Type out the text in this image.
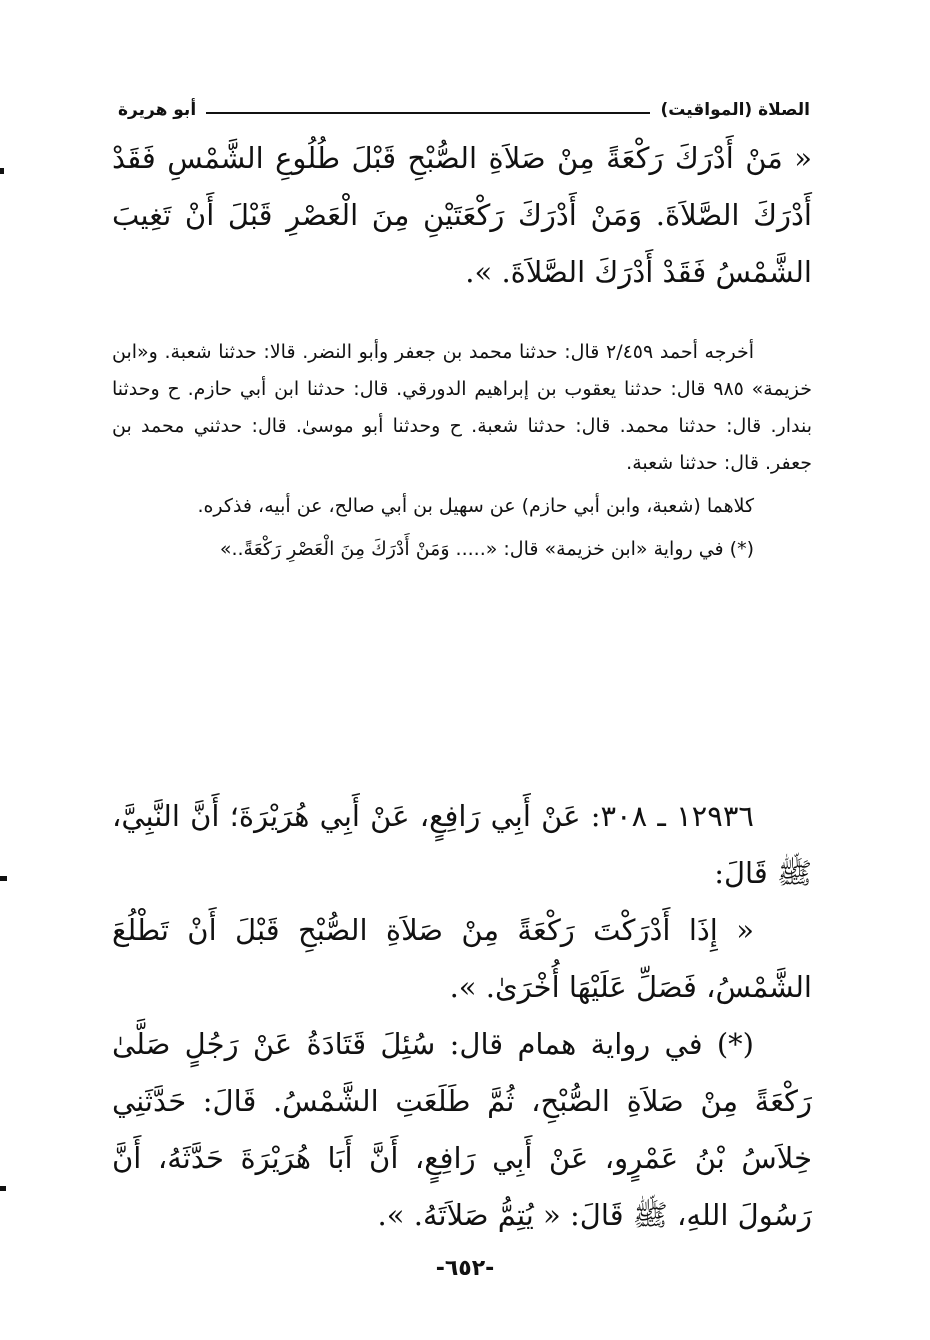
الصلاة (المواقيت)
أبو هريرة

« مَنْ أَدْرَكَ رَكْعَةً مِنْ صَلاَةِ الصُّبْحِ قَبْلَ طُلُوعِ الشَّمْسِ فَقَدْ أَدْرَكَ الصَّلاَةَ. وَمَنْ أَدْرَكَ رَكْعَتَيْنِ مِنَ الْعَصْرِ قَبْلَ أَنْ تَغِيبَ الشَّمْسُ فَقَدْ أَدْرَكَ الصَّلاَةَ. ».

أخرجه أحمد ٢/٤٥٩ قال: حدثنا محمد بن جعفر وأبو النضر. قالا: حدثنا شعبة. و«ابن خزيمة» ٩٨٥ قال: حدثنا يعقوب بن إبراهيم الدورقي. قال: حدثنا ابن أبي حازم. ح وحدثنا بندار. قال: حدثنا محمد. قال: حدثنا شعبة. ح وحدثنا أبو موسىٰ. قال: حدثني محمد بن جعفر. قال: حدثنا شعبة.

كلاهما (شعبة، وابن أبي حازم) عن سهيل بن أبي صالح، عن أبيه، فذكره.

(*) في رواية «ابن خزيمة» قال: «..... وَمَنْ أَدْرَكَ مِنَ الْعَصْرِ رَكْعَةً..»

١٢٩٣٦ ـ ٣٠٨: عَنْ أَبِي رَافِعٍ، عَنْ أَبِي هُرَيْرَةَ؛ أَنَّ النَّبِيَّ، ﷺ قَالَ:

« إِذَا أَدْرَكْتَ رَكْعَةً مِنْ صَلاَةِ الصُّبْحِ قَبْلَ أَنْ تَطْلُعَ الشَّمْسُ، فَصَلِّ عَلَيْهَا أُخْرَىٰ. ».

(*) في رواية همام قال: سُئِلَ قَتَادَةُ عَنْ رَجُلٍ صَلَّىٰ رَكْعَةً مِنْ صَلاَةِ الصُّبْحِ، ثُمَّ طَلَعَتِ الشَّمْسُ. قَالَ: حَدَّثَنِي خِلاَسُ بْنُ عَمْرٍو، عَنْ أَبِي رَافِعٍ، أَنَّ أَبَا هُرَيْرَةَ حَدَّثَهُ، أَنَّ رَسُولَ اللهِ، ﷺ قَالَ: « يُتِمُّ صَلاَتَهُ. ».

-٦٥٢-
